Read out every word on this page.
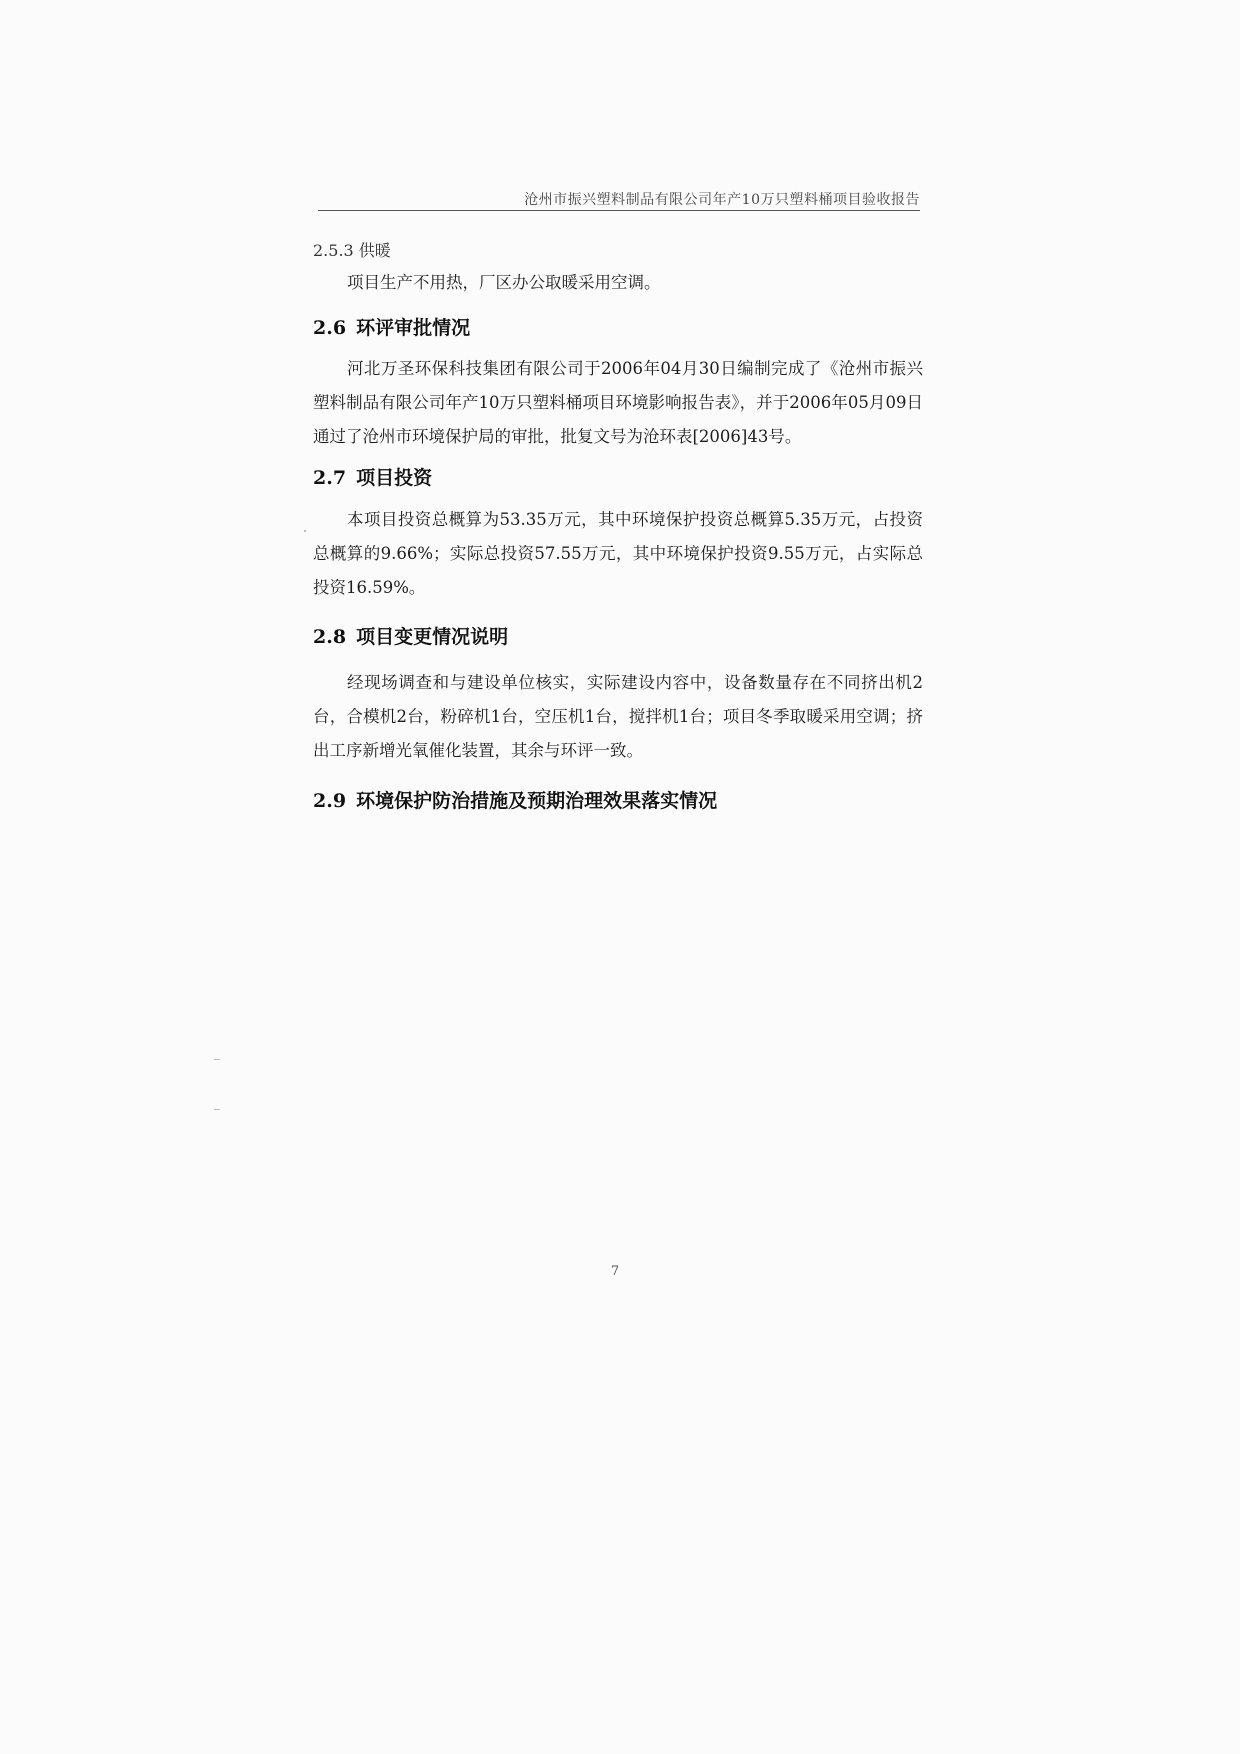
沧州市振兴塑料制品有限公司年产10万只塑料桶项目验收报告

2.5.3 供暖

项目生产不用热，厂区办公取暖采用空调。

2.6 环评审批情况

河北万圣环保科技集团有限公司于2006年04月30日编制完成了《沧州市振兴塑料制品有限公司年产10万只塑料桶项目环境影响报告表》，并于2006年05月09日通过了沧州市环境保护局的审批，批复文号为沧环表[2006]43号。

2.7 项目投资

本项目投资总概算为53.35万元，其中环境保护投资总概算5.35万元，占投资总概算的9.66%；实际总投资57.55万元，其中环境保护投资9.55万元，占实际总投资16.59%。

2.8 项目变更情况说明

经现场调查和与建设单位核实，实际建设内容中，设备数量存在不同挤出机2台，合模机2台，粉碎机1台，空压机1台，搅拌机1台；项目冬季取暖采用空调；挤出工序新增光氧催化装置，其余与环评一致。

2.9 环境保护防治措施及预期治理效果落实情况

7
